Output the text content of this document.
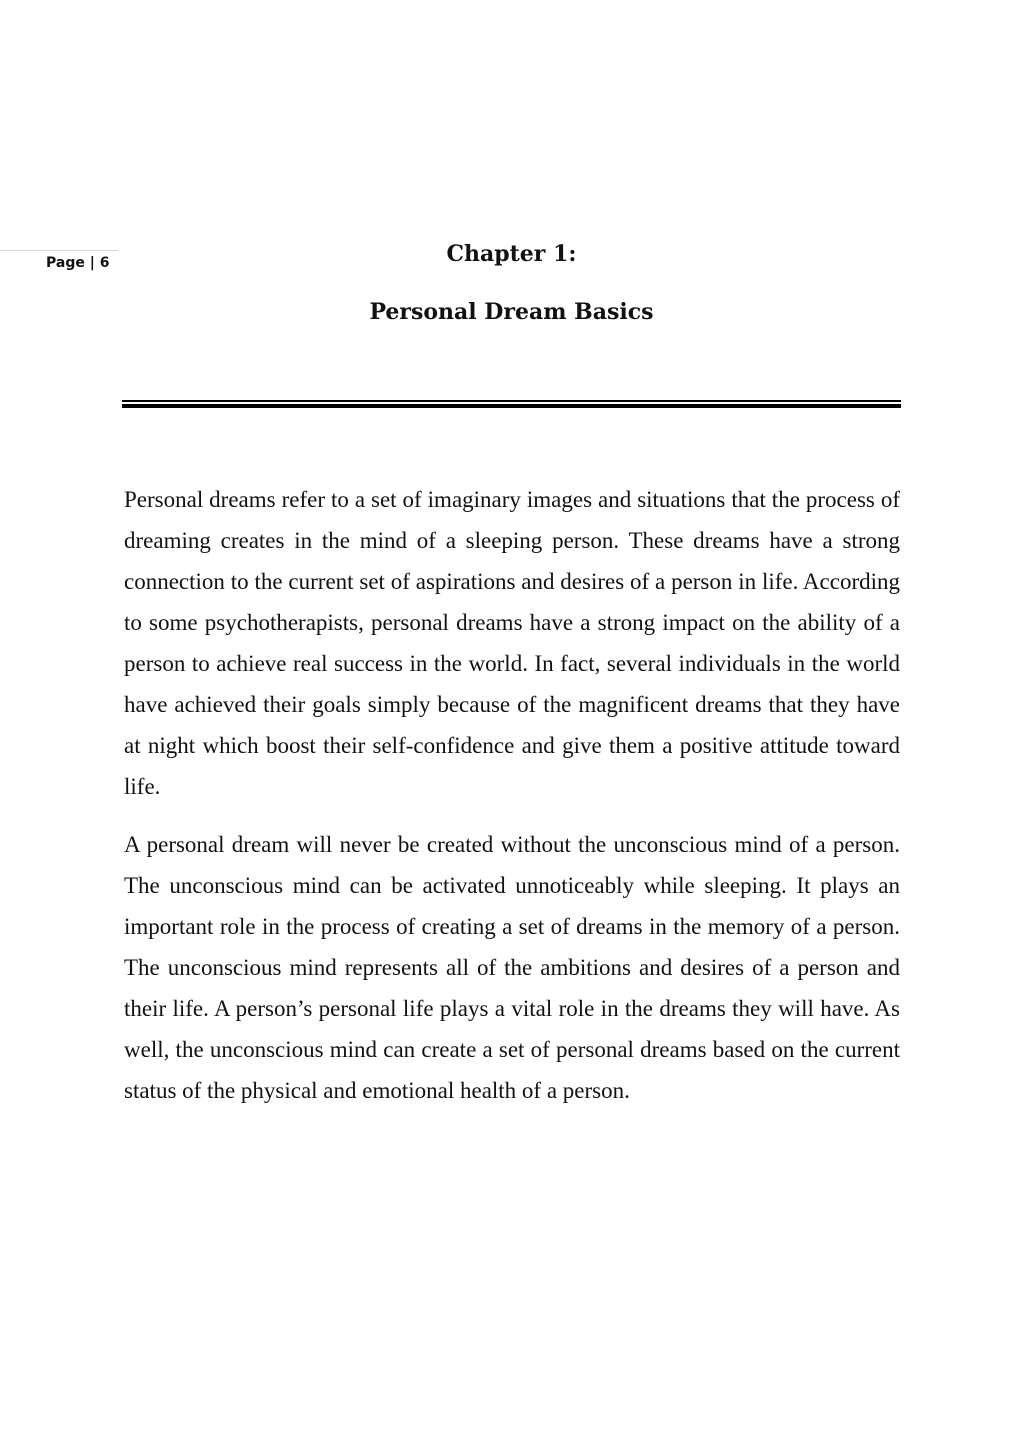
Page | 6	Chapter 1:
Personal Dream Basics

Personal dreams refer to a set of imaginary images and situations that the process of dreaming creates in the mind of a sleeping person. These dreams have a strong connection to the current set of aspirations and desires of a person in life. According to some psychotherapists, personal dreams have a strong impact on the ability of a person to achieve real success in the world. In fact, several individuals in the world have achieved their goals simply because of the magnificent dreams that they have at night which boost their self-confidence and give them a positive attitude toward life.

A personal dream will never be created without the unconscious mind of a person. The unconscious mind can be activated unnoticeably while sleeping. It plays an important role in the process of creating a set of dreams in the memory of a person. The unconscious mind represents all of the ambitions and desires of a person and their life. A person’s personal life plays a vital role in the dreams they will have. As well, the unconscious mind can create a set of personal dreams based on the current status of the physical and emotional health of a person.
